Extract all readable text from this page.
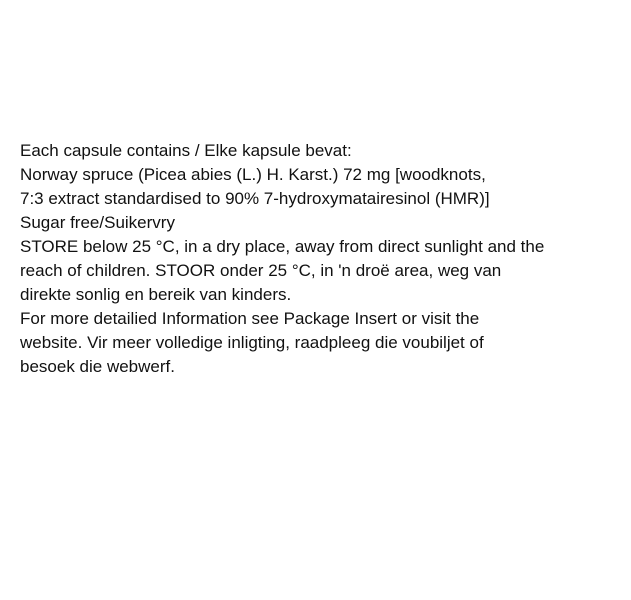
Each capsule contains / Elke kapsule bevat:
Norway spruce (Picea abies (L.) H. Karst.) 72 mg [woodknots,
7:3 extract standardised to 90% 7-hydroxymatairesinol (HMR)]
Sugar free/Suikervry
STORE below 25 °C, in a dry place, away from direct sunlight and the
reach of children. STOOR onder 25 °C, in 'n droë area, weg van
direkte sonlig en bereik van kinders.
For more detailied Information see Package Insert or visit the
website. Vir meer volledige inligting, raadpleeg die voubiljet of
besoek die webwerf.
